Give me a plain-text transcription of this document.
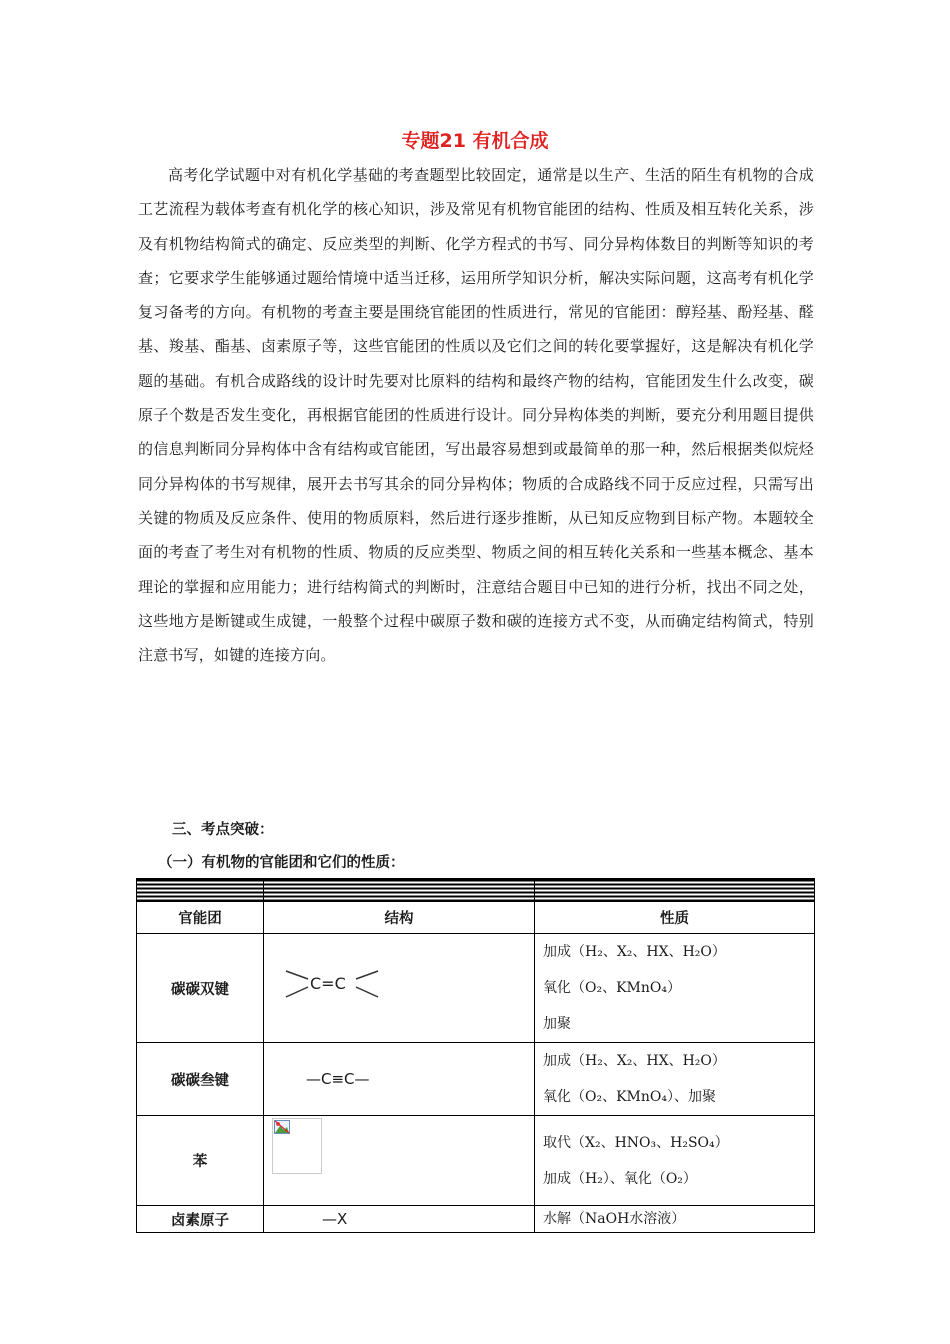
专题21 有机合成

高考化学试题中对有机化学基础的考查题型比较固定，通常是以生产、生活的陌生有机物的合成工艺流程为载体考查有机化学的核心知识，涉及常见有机物官能团的结构、性质及相互转化关系，涉及有机物结构简式的确定、反应类型的判断、化学方程式的书写、同分异构体数目的判断等知识的考查；它要求学生能够通过题给情境中适当迁移，运用所学知识分析，解决实际问题，这高考有机化学复习备考的方向。有机物的考查主要是围绕官能团的性质进行，常见的官能团：醇羟基、酚羟基、醛基、羧基、酯基、卤素原子等，这些官能团的性质以及它们之间的转化要掌握好，这是解决有机化学题的基础。有机合成路线的设计时先要对比原料的结构和最终产物的结构，官能团发生什么改变，碳原子个数是否发生变化，再根据官能团的性质进行设计。同分异构体类的判断，要充分利用题目提供的信息判断同分异构体中含有结构或官能团，写出最容易想到或最简单的那一种，然后根据类似烷烃同分异构体的书写规律，展开去书写其余的同分异构体；物质的合成路线不同于反应过程，只需写出关键的物质及反应条件、使用的物质原料，然后进行逐步推断，从已知反应物到目标产物。本题较全面的考查了考生对有机物的性质、物质的反应类型、物质之间的相互转化关系和一些基本概念、基本理论的掌握和应用能力；进行结构简式的判断时，注意结合题目中已知的进行分析，找出不同之处，这些地方是断键或生成键，一般整个过程中碳原子数和碳的连接方式不变，从而确定结构简式，特别注意书写，如键的连接方向。

三、考点突破：
（一）有机物的官能团和它们的性质：

官能团	结构	性质
碳碳双键	C=C	加成（H₂、X₂、HX、H₂O）
氧化（O₂、KMnO₄）
加聚

碳碳叁键	—C≡C—	加成（H₂、X₂、HX、H₂O）
氧化（O₂、KMnO₄）、加聚

苯		取代（X₂、HNO₃、H₂SO₄）
加成（H₂）、氧化（O₂）

卤素原子	—X	水解（NaOH水溶液）
